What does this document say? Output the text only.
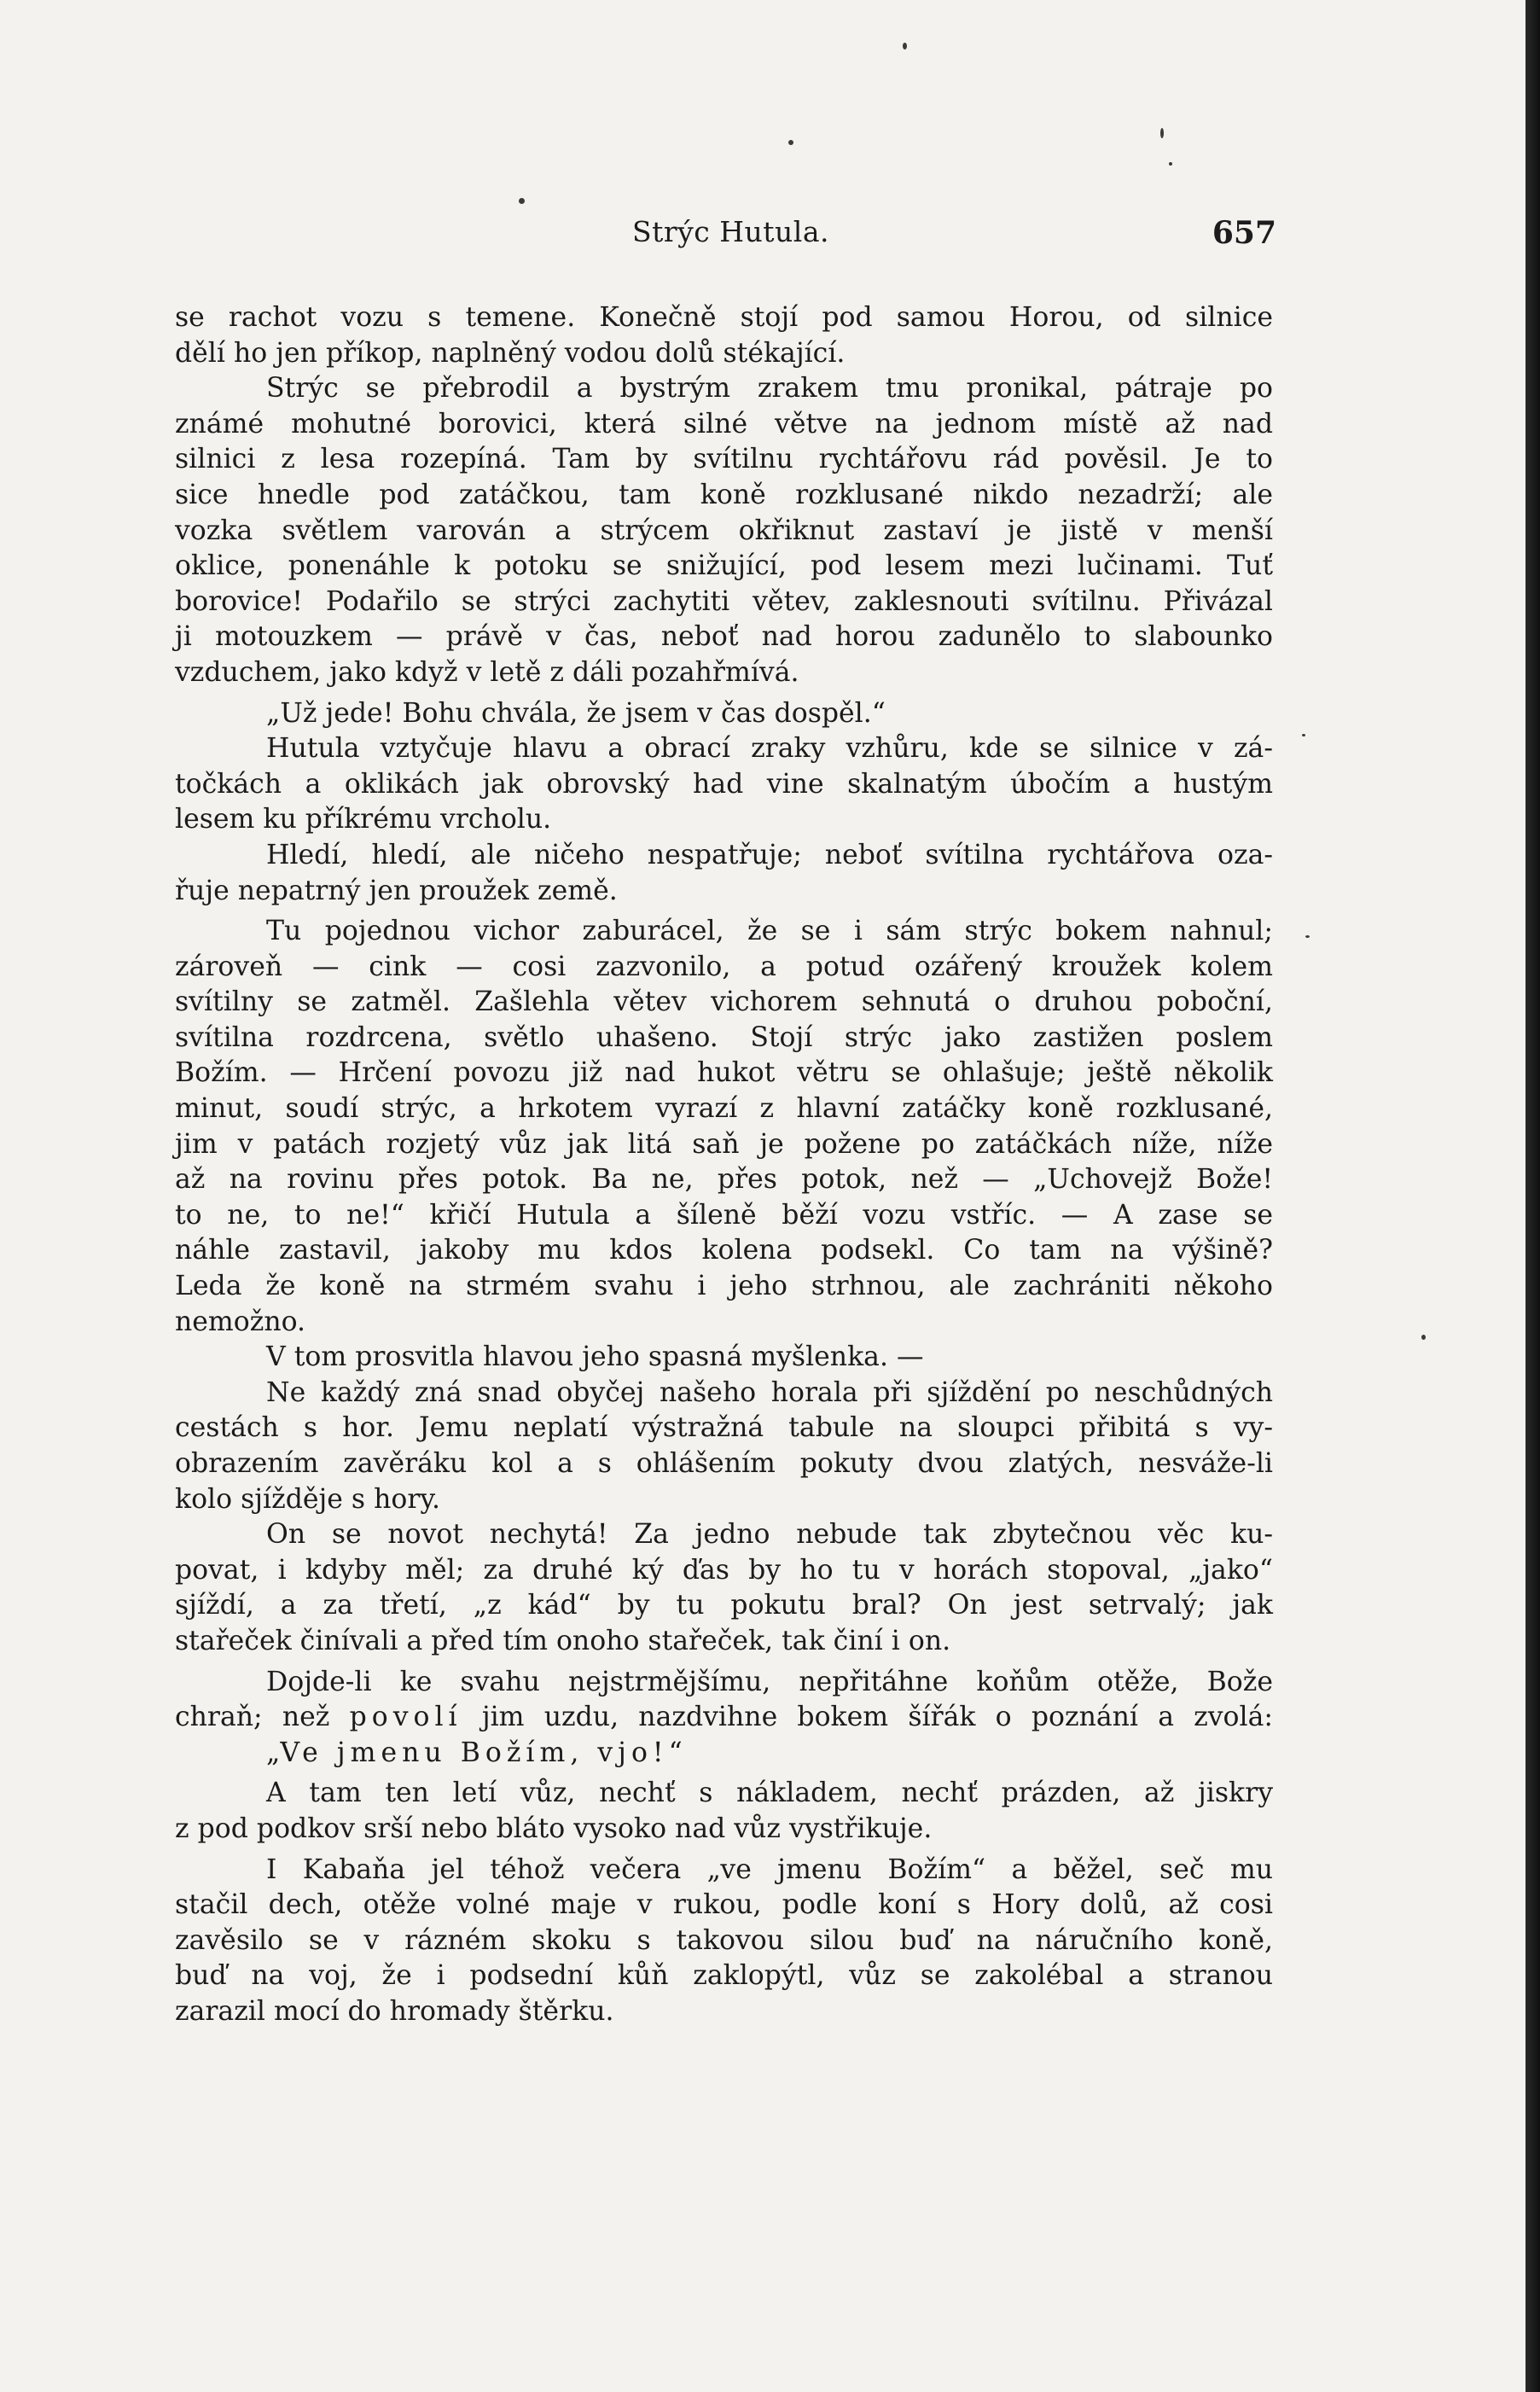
Strýc Hutula.	657
se rachot vozu s temene. Konečně stojí pod samou Horou, od silnice
dělí ho jen příkop, naplněný vodou dolů stékající.
Strýc se přebrodil a bystrým zrakem tmu pronikal, pátraje po
známé mohutné borovici, která silné větve na jednom místě až nad
silnici z lesa rozepíná. Tam by svítilnu rychtářovu rád pověsil. Je to
sice hnedle pod zatáčkou, tam koně rozklusané nikdo nezadrží; ale
vozka světlem varován a strýcem okřiknut zastaví je jistě v menší
oklice, ponenáhle k potoku se snižující, pod lesem mezi lučinami. Tuť
borovice! Podařilo se strýci zachytiti větev, zaklesnouti svítilnu. Přivázal
ji motouzkem — právě v čas, neboť nad horou zadunělo to slabounko
vzduchem, jako když v letě z dáli pozahřmívá.
„Už jede! Bohu chvála, že jsem v čas dospěl.“
Hutula vztyčuje hlavu a obrací zraky vzhůru, kde se silnice v zá-
točkách a oklikách jak obrovský had vine skalnatým úbočím a hustým
lesem ku příkrému vrcholu.
Hledí, hledí, ale ničeho nespatřuje; neboť svítilna rychtářova oza-
řuje nepatrný jen proužek země.
Tu pojednou vichor zaburácel, že se i sám strýc bokem nahnul;
zároveň — cink — cosi zazvonilo, a potud ozářený kroužek kolem
svítilny se zatměl. Zašlehla větev vichorem sehnutá o druhou poboční,
svítilna rozdrcena, světlo uhašeno. Stojí strýc jako zastižen poslem
Božím. — Hrčení povozu již nad hukot větru se ohlašuje; ještě několik
minut, soudí strýc, a hrkotem vyrazí z hlavní zatáčky koně rozklusané,
jim v patách rozjetý vůz jak litá saň je požene po zatáčkách níže, níže
až na rovinu přes potok. Ba ne, přes potok, než — „Uchovejž Bože!
to ne, to ne!“ křičí Hutula a šíleně běží vozu vstříc. — A zase se
náhle zastavil, jakoby mu kdos kolena podsekl. Co tam na výšině?
Leda že koně na strmém svahu i jeho strhnou, ale zachrániti někoho
nemožno.
V tom prosvitla hlavou jeho spasná myšlenka. —
Ne každý zná snad obyčej našeho horala při sjíždění po neschůdných
cestách s hor. Jemu neplatí výstražná tabule na sloupci přibitá s vy-
obrazením zavěráku kol a s ohlášením pokuty dvou zlatých, nesváže-li
kolo sjížděje s hory.
On se novot nechytá! Za jedno nebude tak zbytečnou věc ku-
povat, i kdyby měl; za druhé ký ďas by ho tu v horách stopoval, „jako“
sjíždí, a za třetí, „z kád“ by tu pokutu bral? On jest setrvalý; jak
stařeček činívali a před tím onoho stařeček, tak činí i on.
Dojde-li ke svahu nejstrmějšímu, nepřitáhne koňům otěže, Bože
chraň; než povolí jim uzdu, nazdvihne bokem šířák o poznání a zvolá:
„Ve jmenu Božím, vjo!“
A tam ten letí vůz, nechť s nákladem, nechť prázden, až jiskry
z pod podkov srší nebo bláto vysoko nad vůz vystřikuje.
I Kabaňa jel téhož večera „ve jmenu Božím“ a běžel, seč mu
stačil dech, otěže volné maje v rukou, podle koní s Hory dolů, až cosi
zavěsilo se v rázném skoku s takovou silou buď na náručního koně,
buď na voj, že i podsední kůň zaklopýtl, vůz se zakolébal a stranou
zarazil mocí do hromady štěrku.
